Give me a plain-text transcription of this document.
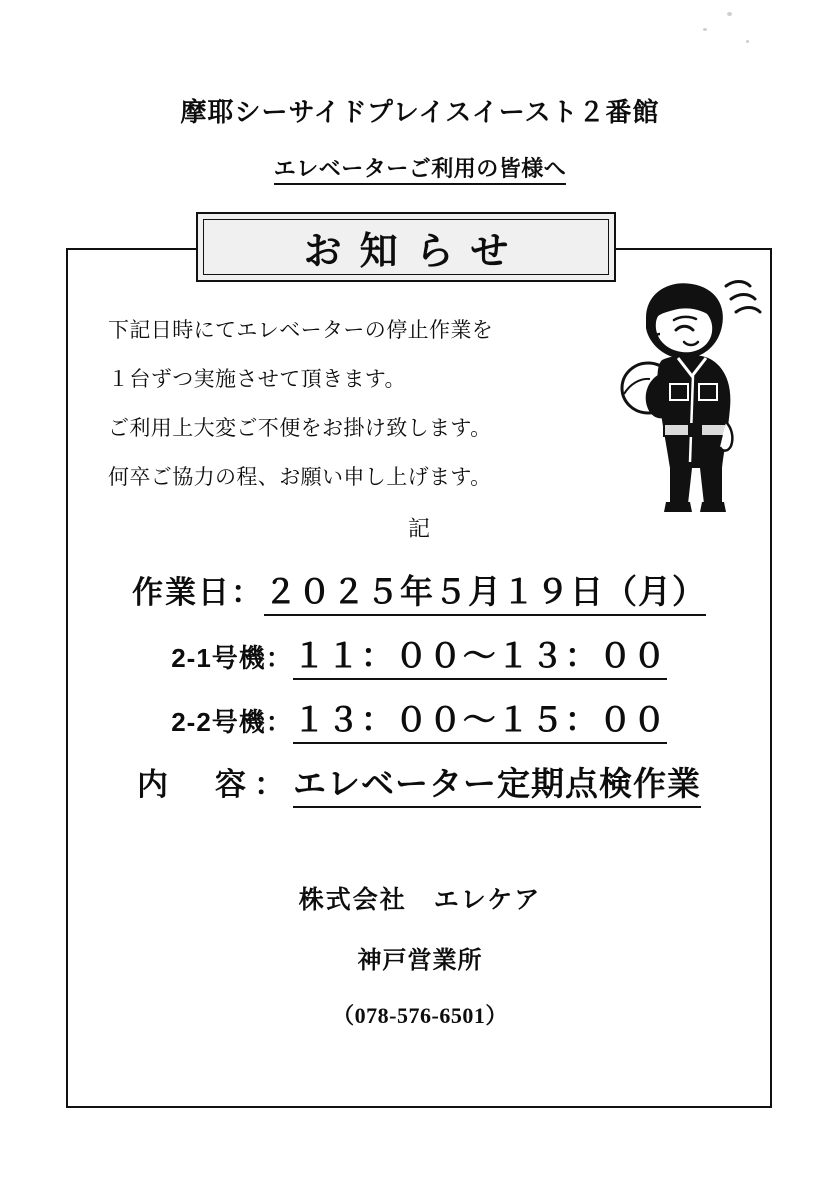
摩耶シーサイドプレイスイースト２番館
エレベーターご利用の皆様へ
お知らせ
下記日時にてエレベーターの停止作業を
１台ずつ実施させて頂きます。
ご利用上大変ご不便をお掛け致します。
何卒ご協力の程、お願い申し上げます。
記
作業日： ２０２５年５月１９日（月）
2-1号機： １１：００〜１３：００
2-2号機： １３：００〜１５：００
内　容： エレベーター定期点検作業
株式会社　エレケア
神戸営業所
（078-576-6501）
